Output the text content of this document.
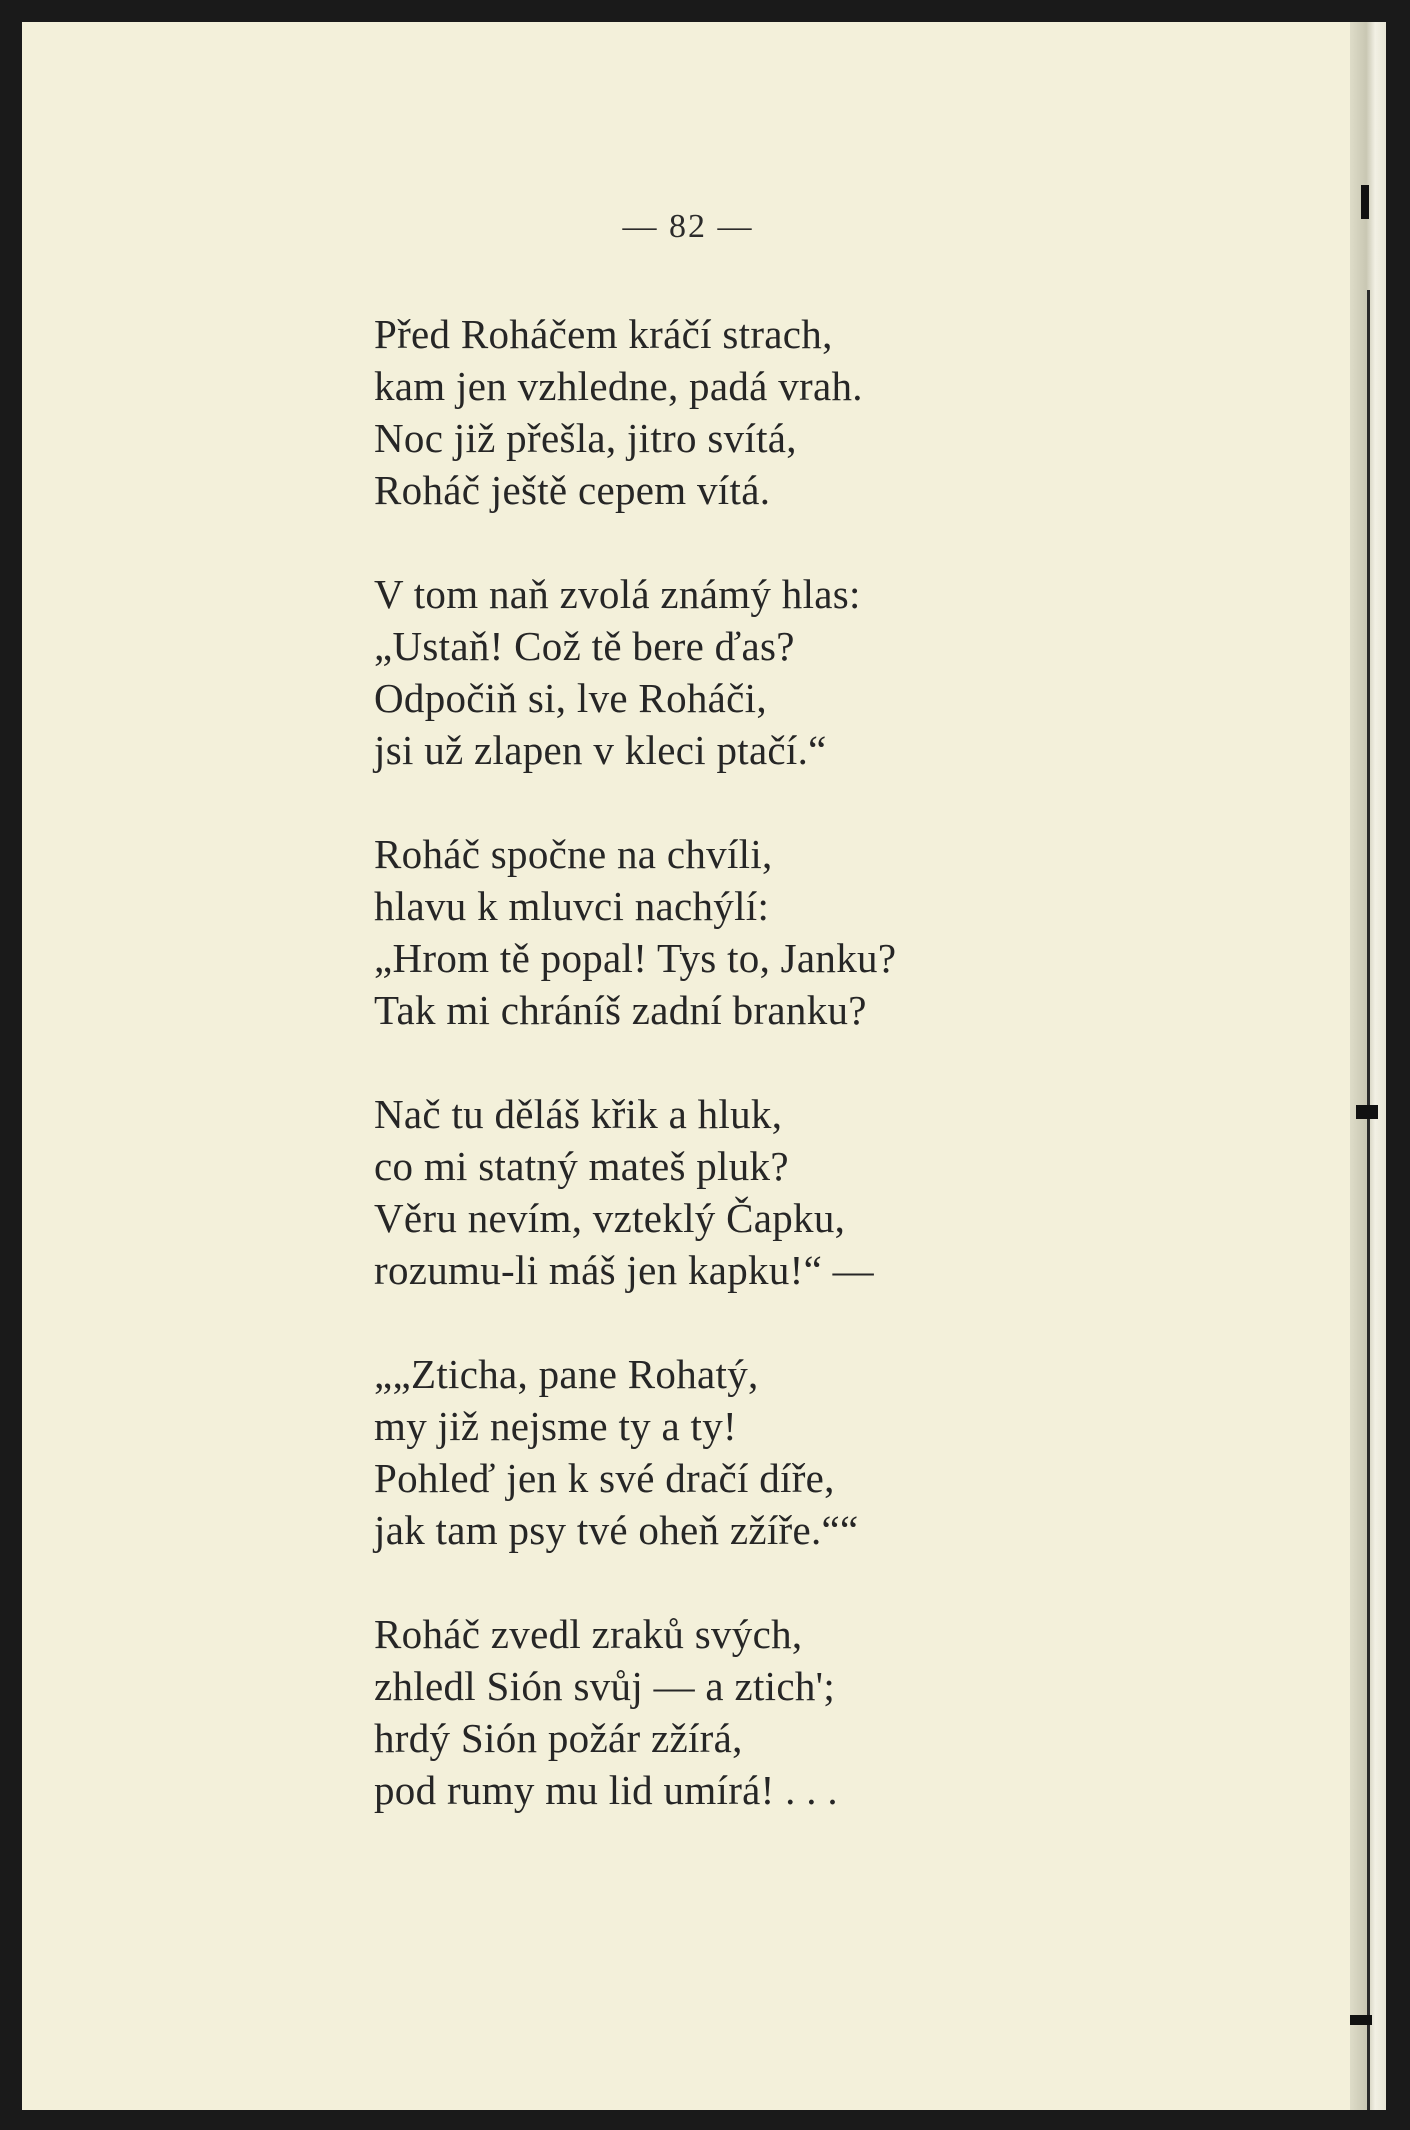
— 82 —
Před Roháčem kráčí strach,
kam jen vzhledne, padá vrah.
Noc již přešla, jitro svítá,
Roháč ještě cepem vítá.
V tom naň zvolá známý hlas:
„Ustaň! Což tě bere ďas?
Odpočiň si, lve Roháči,
jsi už zlapen v kleci ptačí.“
Roháč spočne na chvíli,
hlavu k mluvci nachýlí:
„Hrom tě popal! Tys to, Janku?
Tak mi chráníš zadní branku?
Nač tu děláš křik a hluk,
co mi statný mateš pluk?
Věru nevím, vzteklý Čapku,
rozumu-li máš jen kapku!“ —
„„Zticha, pane Rohatý,
my již nejsme ty a ty!
Pohleď jen k své dračí díře,
jak tam psy tvé oheň zžíře.““
Roháč zvedl zraků svých,
zhledl Sión svůj — a ztich';
hrdý Sión požár zžírá,
pod rumy mu lid umírá! . . .
